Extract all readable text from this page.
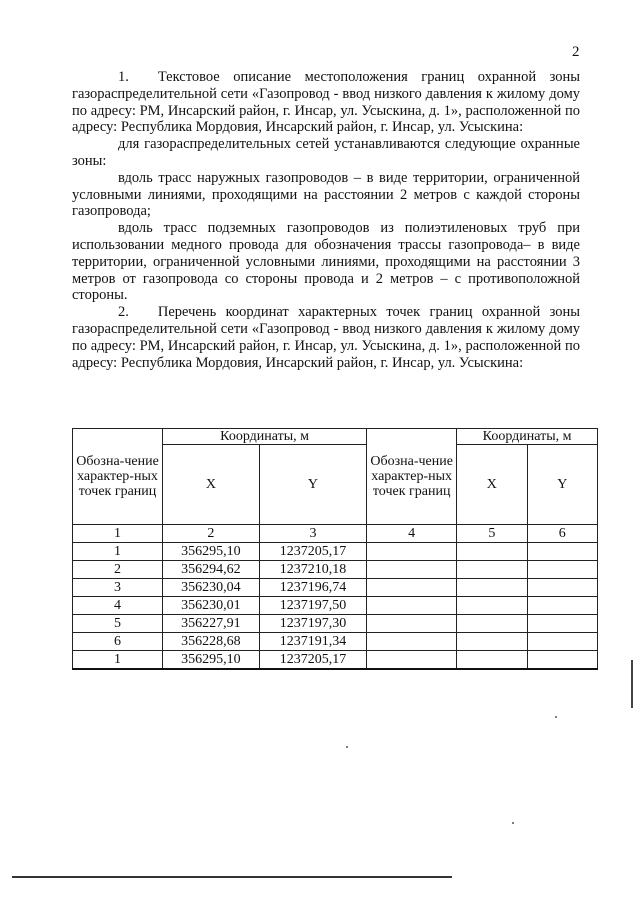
2

1.  Текстовое описание местоположения границ охранной зоны газораспределительной сети «Газопровод - ввод низкого давления к жилому дому по адресу: РМ, Инсарский район, г. Инсар, ул. Усыскина, д. 1», расположенной по адресу: Республика Мордовия, Инсарский район, г. Инсар, ул. Усыскина:

для газораспределительных сетей устанавливаются следующие охранные зоны:

вдоль трасс наружных газопроводов – в виде территории, ограниченной условными линиями, проходящими на расстоянии 2 метров с каждой стороны газопровода;

вдоль трасс подземных газопроводов из полиэтиленовых труб при использовании медного провода для обозначения трассы газопровода– в виде территории, ограниченной условными линиями, проходящими на расстоянии 3 метров от газопровода со стороны провода и 2 метров – с противоположной стороны.

2.  Перечень координат характерных точек границ охранной зоны газораспределительной сети «Газопровод - ввод низкого давления к жилому дому по адресу: РМ, Инсарский район, г. Инсар, ул. Усыскина, д. 1», расположенной по адресу: Республика Мордовия, Инсарский район, г. Инсар, ул. Усыскина:

Обозна-чение характер-ных точек границ	Координаты, м		Обозна-чение характер-ных точек границ	Координаты, м	
	X	Y		X	Y
1	2	3	4	5	6
1	356295,10	1237205,17			
2	356294,62	1237210,18			
3	356230,04	1237196,74			
4	356230,01	1237197,50			
5	356227,91	1237197,30			
6	356228,68	1237191,34			
1	356295,10	1237205,17			
